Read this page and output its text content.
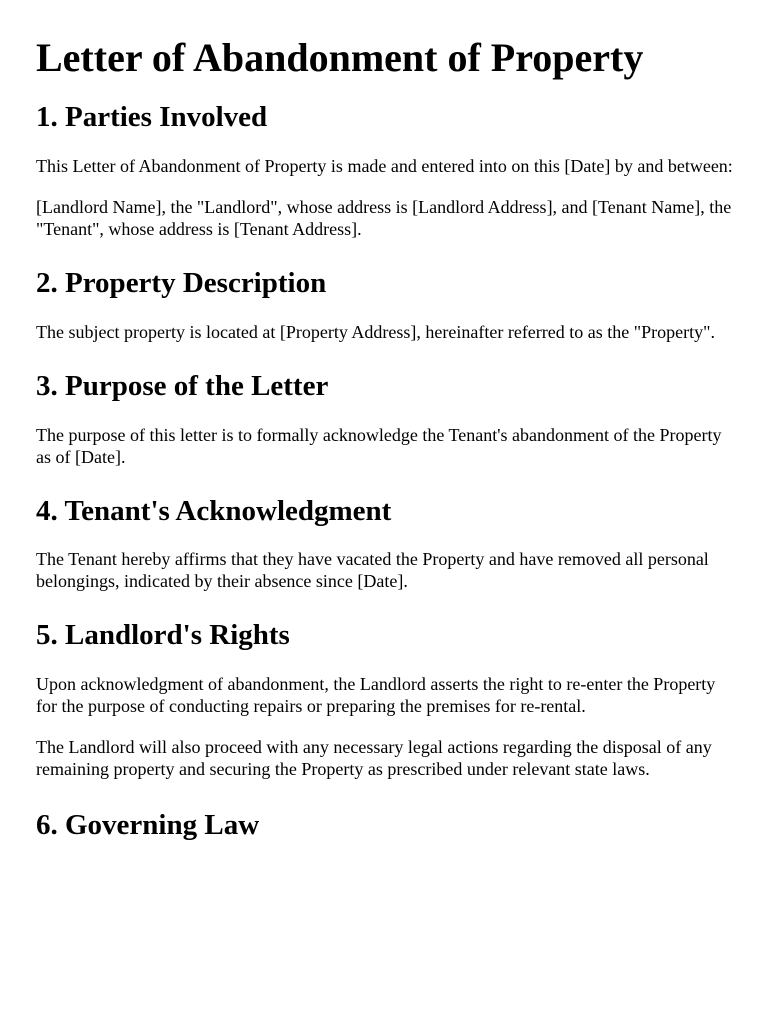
Letter of Abandonment of Property
1. Parties Involved

This Letter of Abandonment of Property is made and entered into on this [Date] by and between:

[Landlord Name], the "Landlord", whose address is [Landlord Address], and [Tenant Name], the "Tenant", whose address is [Tenant Address].

2. Property Description

The subject property is located at [Property Address], hereinafter referred to as the "Property".

3. Purpose of the Letter

The purpose of this letter is to formally acknowledge the Tenant's abandonment of the Property as of [Date].

4. Tenant's Acknowledgment

The Tenant hereby affirms that they have vacated the Property and have removed all personal belongings, indicated by their absence since [Date].

5. Landlord's Rights

Upon acknowledgment of abandonment, the Landlord asserts the right to re-enter the Property for the purpose of conducting repairs or preparing the premises for re-rental.

The Landlord will also proceed with any necessary legal actions regarding the disposal of any remaining property and securing the Property as prescribed under relevant state laws.

6. Governing Law
